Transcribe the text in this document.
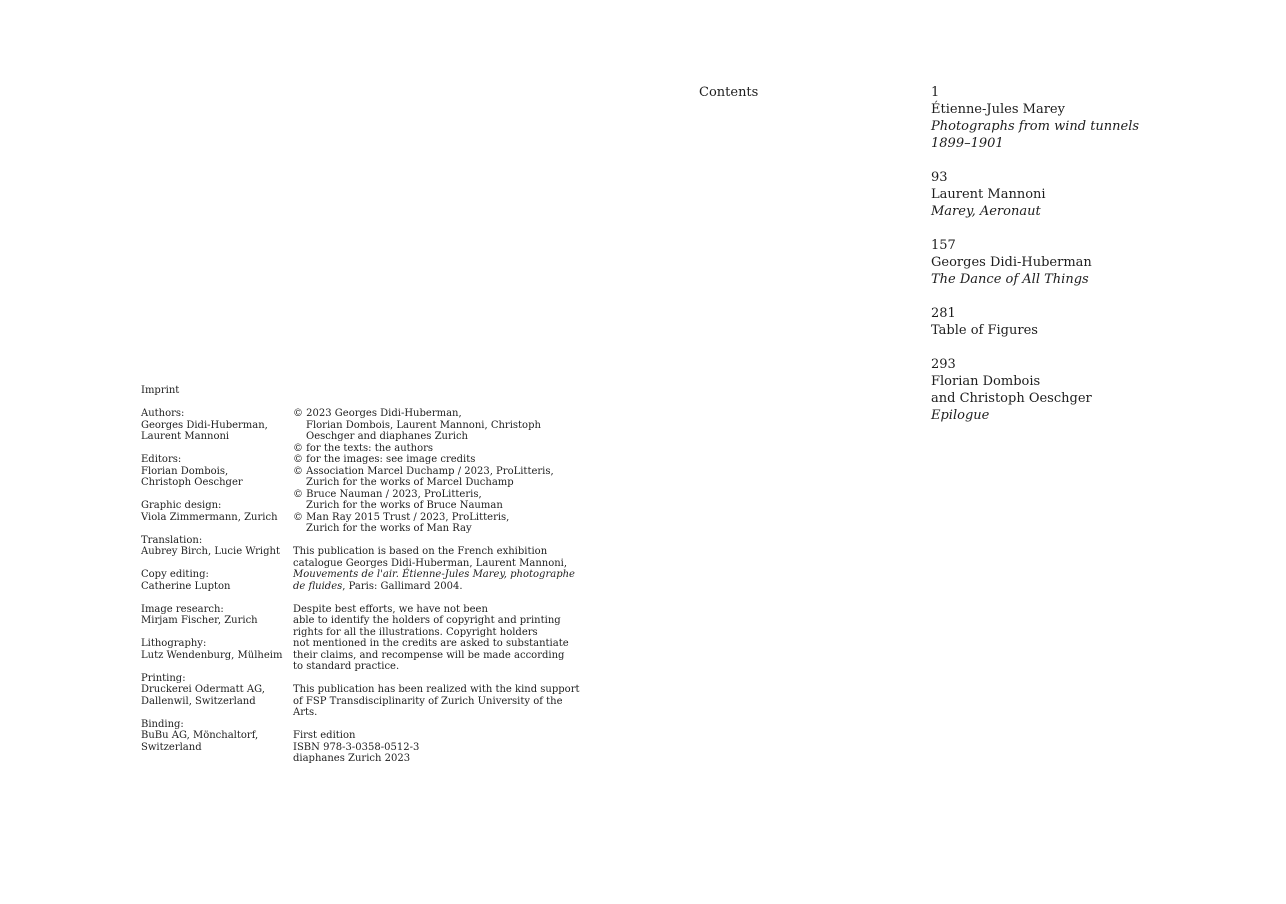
Imprint
Authors:
Georges Didi-Huberman,
Laurent Mannoni
Editors:
Florian Dombois,
Christoph Oeschger
Graphic design:
Viola Zimmermann, Zurich
Translation:
Aubrey Birch, Lucie Wright
Copy editing:
Catherine Lupton
Image research:
Mirjam Fischer, Zurich
Lithography:
Lutz Wendenburg, Mülheim
Printing:
Druckerei Odermatt AG,
Dallenwil, Switzerland
Binding:
BuBu AG, Mönchaltorf,
Switzerland
© 2023 Georges Didi-Huberman,
Florian Dombois, Laurent Mannoni, Christoph
Oeschger and diaphanes Zurich
© for the texts: the authors
© for the images: see image credits
© Association Marcel Duchamp / 2023, ProLitteris,
Zurich for the works of Marcel Duchamp
© Bruce Nauman / 2023, ProLitteris,
Zurich for the works of Bruce Nauman
© Man Ray 2015 Trust / 2023, ProLitteris,
Zurich for the works of Man Ray
This publication is based on the French exhibition
catalogue Georges Didi-Huberman, Laurent Mannoni,
Mouvements de l'air. Étienne-Jules Marey, photographe
de fluides, Paris: Gallimard 2004.
Despite best efforts, we have not been
able to identify the holders of copyright and printing
rights for all the illustrations. Copyright holders
not mentioned in the credits are asked to substantiate
their claims, and recompense will be made according
to standard practice.
This publication has been realized with the kind support
of FSP Transdisciplinarity of Zurich University of the
Arts.
First edition
ISBN 978-3-0358-0512-3
diaphanes Zurich 2023
Contents	1
Étienne-Jules Marey
Photographs from wind tunnels
1899–1901
93
Laurent Mannoni
Marey, Aeronaut
157
Georges Didi-Huberman
The Dance of All Things
281
Table of Figures
293
Florian Dombois
and Christoph Oeschger
Epilogue
